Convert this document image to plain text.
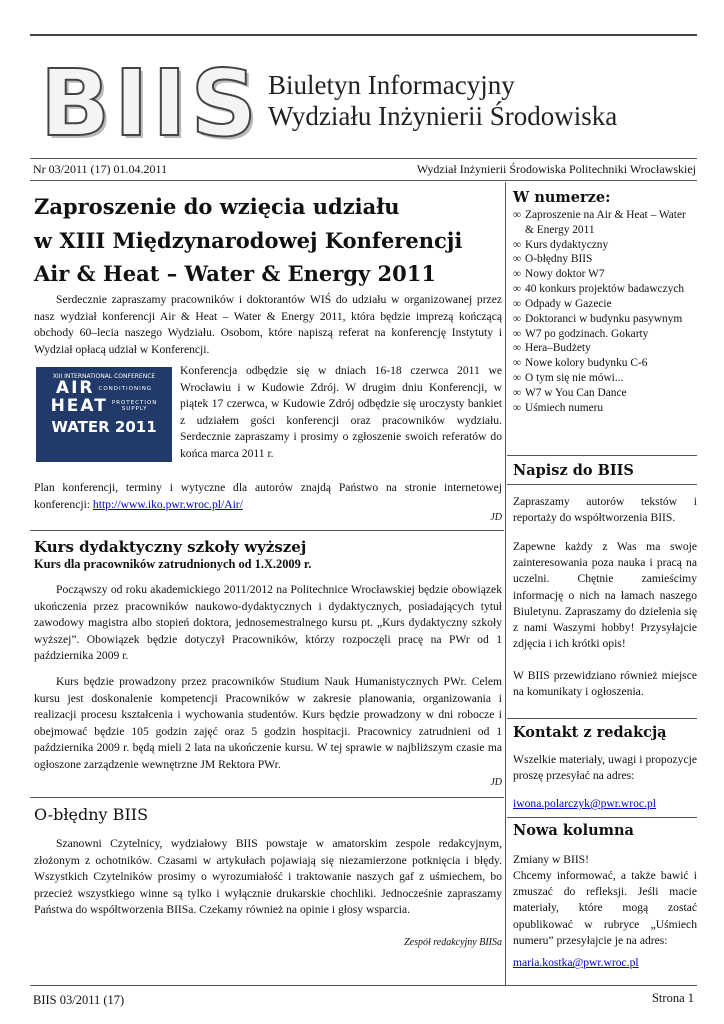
BIIS Biuletyn Informacyjny
Wydziału Inżynierii Środowiska
Nr 03/2011 (17) 01.04.2011	Wydział Inżynierii Środowiska Politechniki Wrocławskiej
Zaproszenie do wzięcia udziału
w XIII Międzynarodowej Konferencji
Air & Heat – Water & Energy 2011
Serdecznie zapraszamy pracowników i doktorantów WIŚ do udziału w organizowanej przez nasz wydział konferencji Air & Heat – Water & Energy 2011, która będzie imprezą kończącą obchody 60–lecia naszego Wydziału. Osobom, które napiszą referat na konferencję Instytuty i Wydział opłacą udział w Konferencji.
XIII INTERNATIONAL CONFERENCE
AIR CONDITIONING
HEAT PROTECTION
SUPPLY
WATER 2011
Konferencja odbędzie się w dniach 16-18 czerwca 2011 we Wrocławiu i w Kudowie Zdrój. W drugim dniu Konferencji, w piątek 17 czerwca, w Kudowie Zdrój odbędzie się uroczysty bankiet z udziałem gości konferencji oraz pracowników wydziału. Serdecznie zapraszamy i prosimy o zgłoszenie swoich referatów do końca marca 2011 r.
Plan konferencji, terminy i wytyczne dla autorów znajdą Państwo na stronie internetowej konferencji: http://www.iko.pwr.wroc.pl/Air/
JD
Kurs dydaktyczny szkoły wyższej
Kurs dla pracowników zatrudnionych od 1.X.2009 r.
Począwszy od roku akademickiego 2011/2012 na Politechnice Wrocławskiej będzie obowiązek ukończenia przez pracowników naukowo-dydaktycznych i dydaktycznych, posiadających tytuł zawodowy magistra albo stopień doktora, jednosemestralnego kursu pt. „Kurs dydaktyczny szkoły wyższej”. Obowiązek będzie dotyczył Pracowników, którzy rozpoczęli pracę na PWr od 1 października 2009 r.
Kurs będzie prowadzony przez pracowników Studium Nauk Humanistycznych PWr. Celem kursu jest doskonalenie kompetencji Pracowników w zakresie planowania, organizowania i realizacji procesu kształcenia i wychowania studentów. Kurs będzie prowadzony w dni robocze i obejmować będzie 105 godzin zajęć oraz 5 godzin hospitacji. Pracownicy zatrudnieni od 1 października 2009 r. będą mieli 2 lata na ukończenie kursu. W tej sprawie w najbliższym czasie ma ogłoszone zarządzenie wewnętrzne JM Rektora PWr.
JD
O-błędny BIIS
Szanowni Czytelnicy, wydziałowy BIIS powstaje w amatorskim zespole redakcyjnym, złożonym z ochotników. Czasami w artykułach pojawiają się niezamierzone potknięcia i błędy. Wszystkich Czytelników prosimy o wyrozumiałość i traktowanie naszych gaf z uśmiechem, bo przecież wszystkiego winne są tylko i wyłącznie drukarskie chochliki. Jednocześnie zapraszamy Państwa do współtworzenia BIISa. Czekamy również na opinie i głosy wsparcia.
Zespół redakcyjny BIISa
W numerze:
∞ Zaproszenie na Air & Heat – Water & Energy 2011
∞ Kurs dydaktyczny
∞ O-błędny BIIS
∞ Nowy doktor W7
∞ 40 konkurs projektów badawczych
∞ Odpady w Gazecie
∞ Doktoranci w budynku pasywnym
∞ W7 po godzinach. Gokarty
∞ Hera–Budżety
∞ Nowe kolory budynku C-6
∞ O tym się nie mówi...
∞ W7 w You Can Dance
∞ Uśmiech numeru
Napisz do BIIS
Zapraszamy autorów tekstów i reportaży do współtworzenia BIIS.
Zapewne każdy z Was ma swoje zainteresowania poza nauka i pracą na uczelni. Chętnie zamieścimy informację o nich na łamach naszego Biuletynu. Zapraszamy do dzielenia się z nami Waszymi hobby! Przysyłajcie zdjęcia i ich krótki opis!
W BIIS przewidziano również miejsce na komunikaty i ogłoszenia.
Kontakt z redakcją
Wszelkie materiały, uwagi i propozycje proszę przesyłać na adres:
iwona.polarczyk@pwr.wroc.pl
Nowa kolumna
Zmiany w BIIS!
Chcemy informować, a także bawić i zmuszać do refleksji. Jeśli macie materiały, które mogą zostać opublikować w rubryce „Uśmiech numeru” przesyłajcie je na adres:
maria.kostka@pwr.wroc.pl
BIIS 03/2011 (17)	Strona 1
